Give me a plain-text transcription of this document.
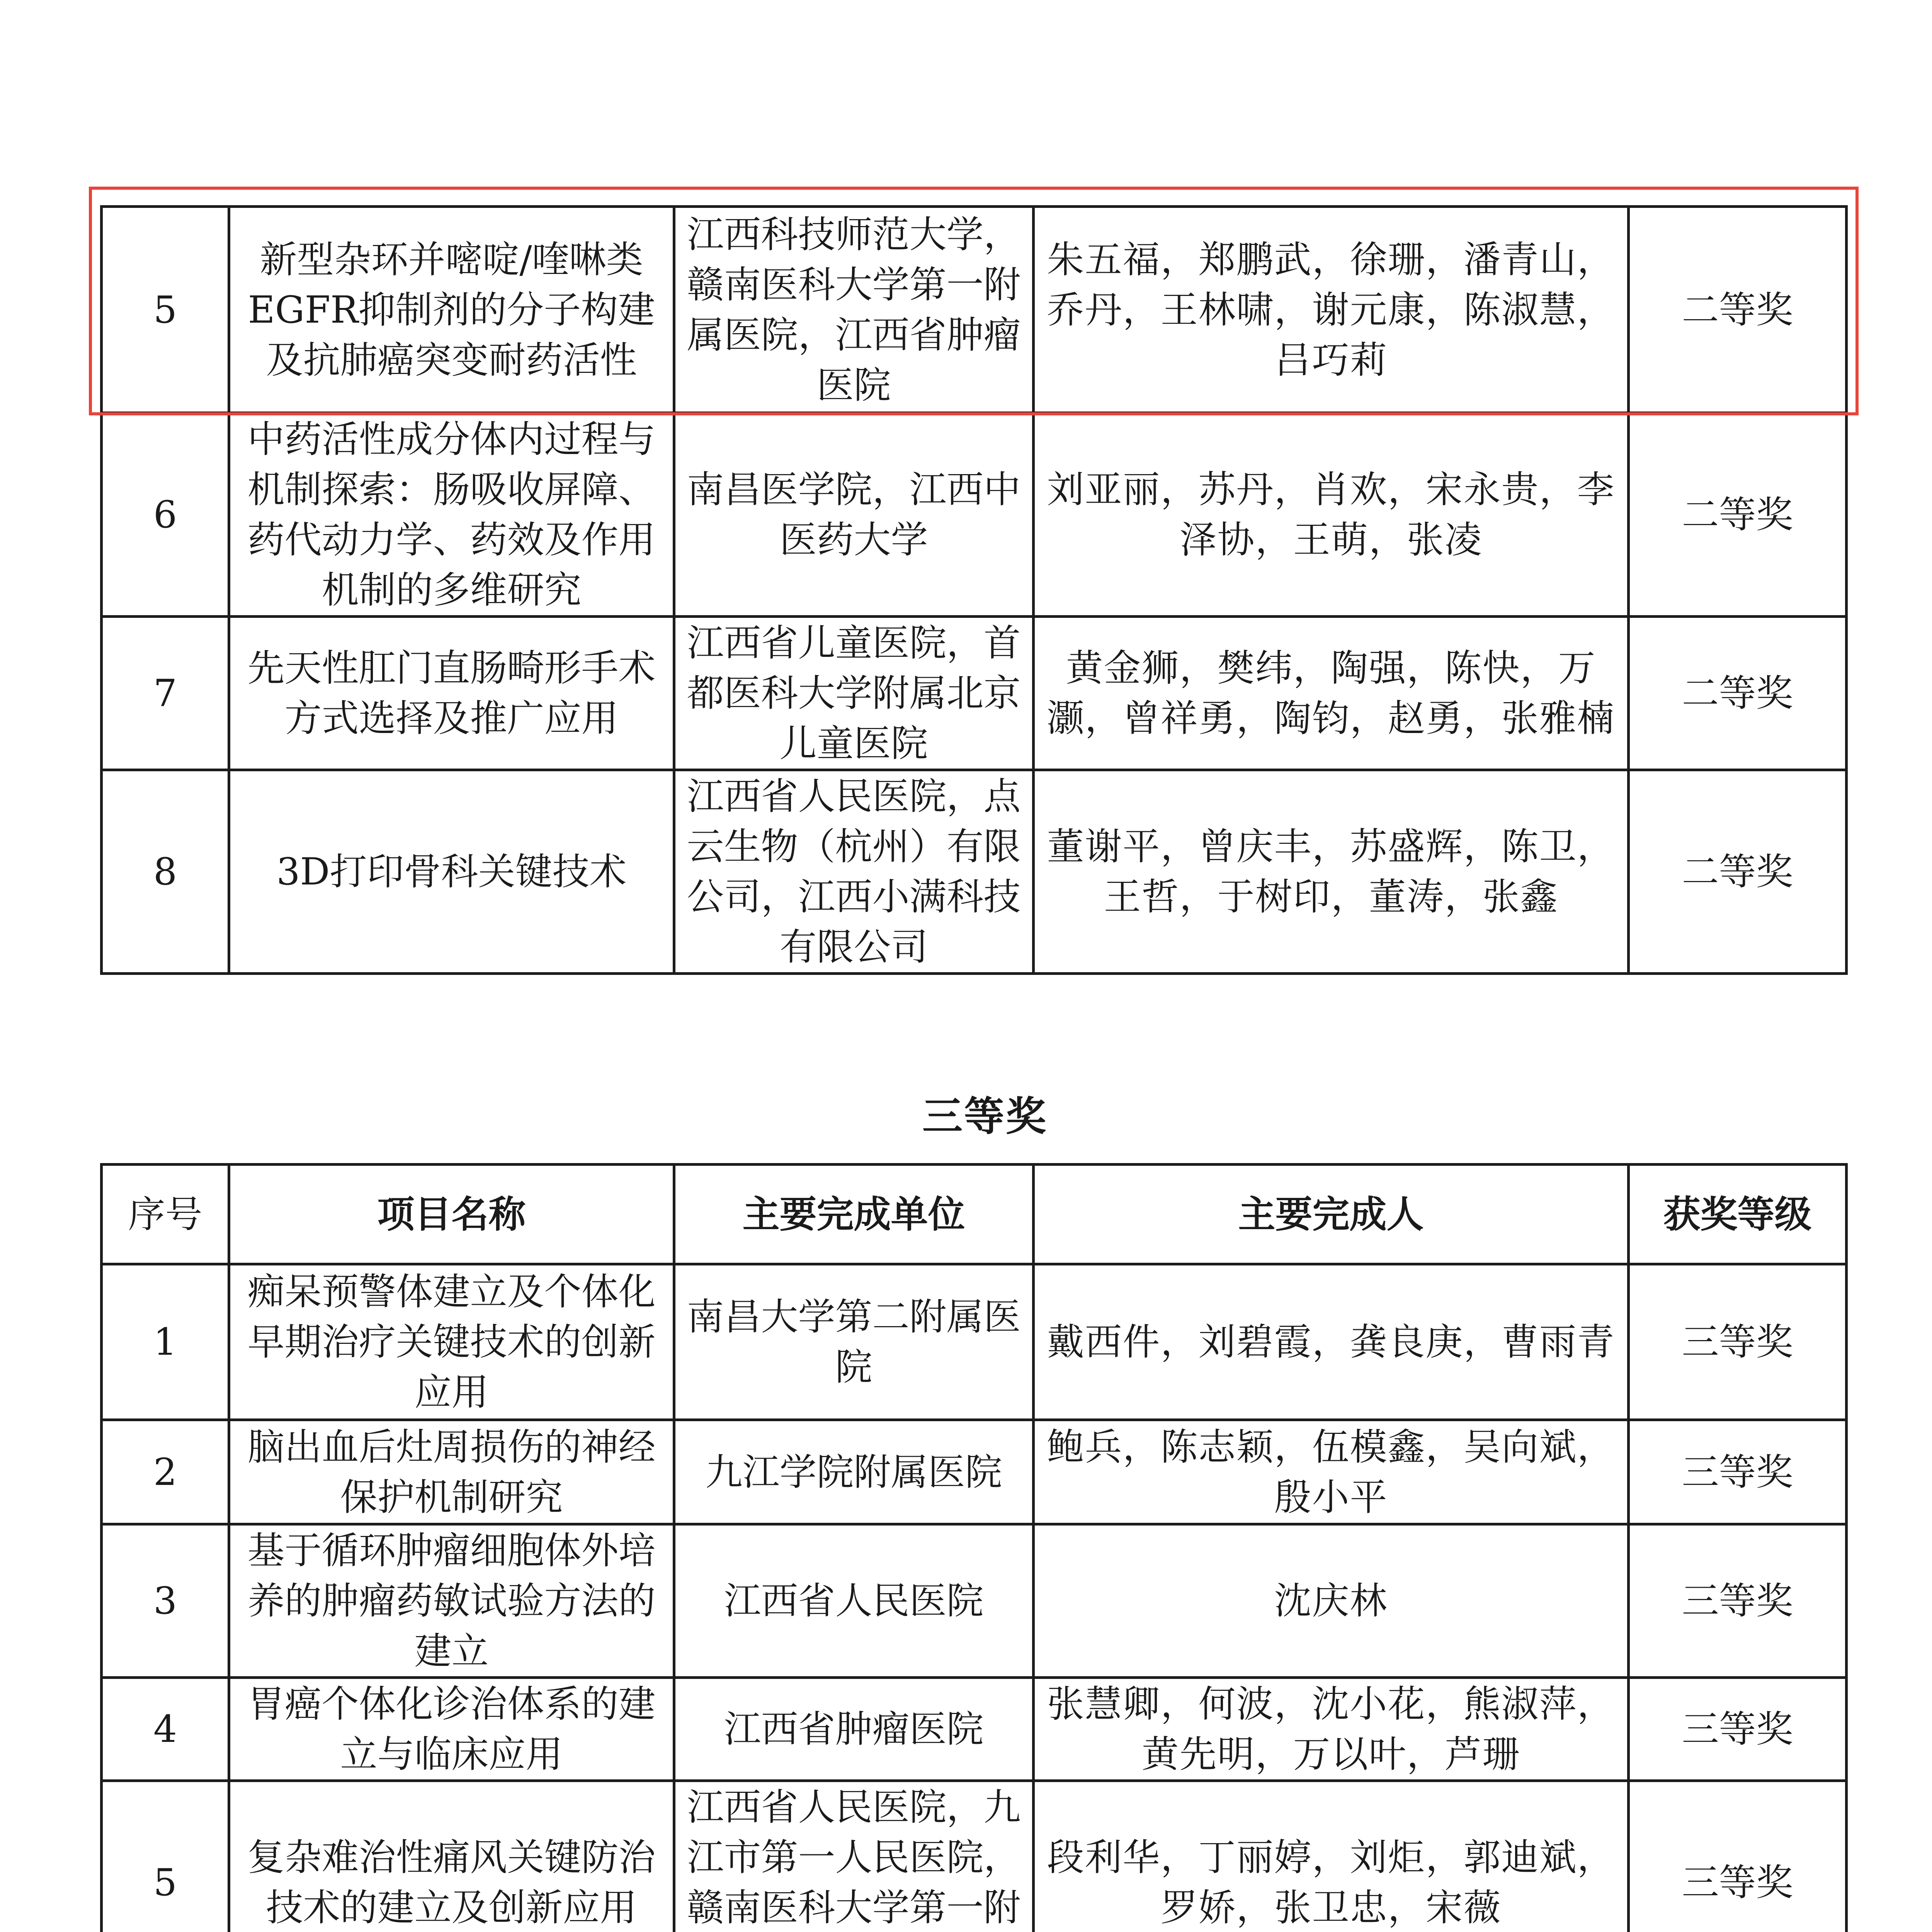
5	新型杂环并嘧啶/喹啉类EGFR抑制剂的分子构建及抗肺癌突变耐药活性	江西科技师范大学，赣南医科大学第一附属医院，江西省肿瘤医院	朱五福，郑鹏武，徐珊，潘青山，乔丹，王林啸，谢元康，陈淑慧，吕巧莉	二等奖
6	中药活性成分体内过程与机制探索：肠吸收屏障、药代动力学、药效及作用机制的多维研究	南昌医学院，江西中医药大学	刘亚丽，苏丹，肖欢，宋永贵，李泽协，王萌，张凌	二等奖
7	先天性肛门直肠畸形手术方式选择及推广应用	江西省儿童医院，首都医科大学附属北京儿童医院	黄金狮，樊纬，陶强，陈快，万灏，曾祥勇，陶钧，赵勇，张雅楠	二等奖
8	3D打印骨科关键技术	江西省人民医院，点云生物（杭州）有限公司，江西小满科技有限公司	董谢平，曾庆丰，苏盛辉，陈卫，王哲，于树印，董涛，张鑫	二等奖
三等奖
序号	项目名称	主要完成单位	主要完成人	获奖等级
1	痴呆预警体建立及个体化早期治疗关键技术的创新应用	南昌大学第二附属医院	戴西件，刘碧霞，龚良庚，曹雨青	三等奖
2	脑出血后灶周损伤的神经保护机制研究	九江学院附属医院	鲍兵，陈志颖，伍模鑫，吴向斌，殷小平	三等奖
3	基于循环肿瘤细胞体外培养的肿瘤药敏试验方法的建立	江西省人民医院	沈庆林	三等奖
4	胃癌个体化诊治体系的建立与临床应用	江西省肿瘤医院	张慧卿，何波，沈小花，熊淑萍，黄先明，万以叶，芦珊	三等奖
5	复杂难治性痛风关键防治技术的建立及创新应用	江西省人民医院，九江市第一人民医院，赣南医科大学第一附	段利华，丁丽婷，刘炬，郭迪斌，罗娇，张卫忠，宋薇	三等奖
